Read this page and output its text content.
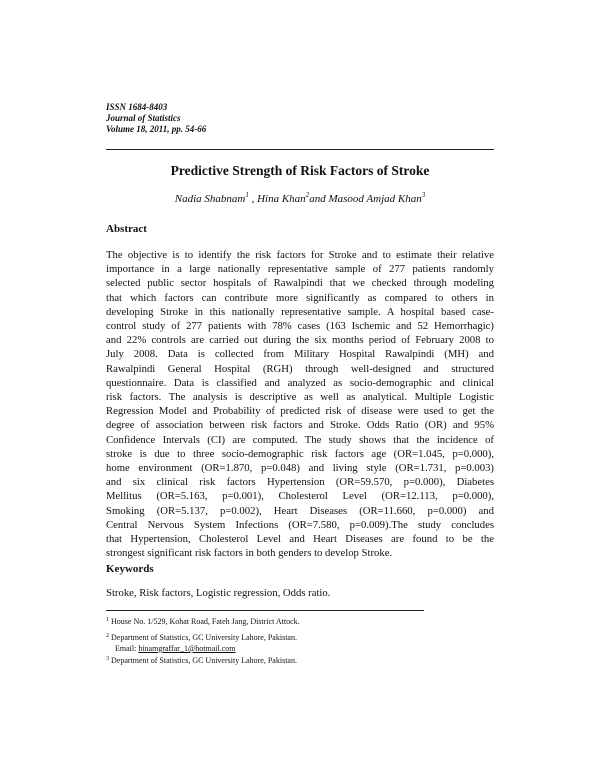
ISSN 1684-8403
Journal of Statistics
Volume 18, 2011, pp. 54-66
Predictive Strength of Risk Factors of Stroke
Nadia Shabnam$^1$ , Hina Khan$^2$and Masood Amjad Khan$^3$
Abstract
The objective is to identify the risk factors for Stroke and to estimate their relative
importance in a large nationally representative sample of 277 patients randomly
selected public sector hospitals of Rawalpindi that we checked through modeling
that which factors can contribute more significantly as compared to others in
developing Stroke in this nationally representative sample. A hospital based case-
control study of 277 patients with 78% cases (163 Ischemic and 52 Hemorrhagic)
and 22% controls are carried out during the six months period of February 2008 to
July 2008. Data is collected from Military Hospital Rawalpindi (MH) and
Rawalpindi General Hospital (RGH) through well-designed and structured
questionnaire. Data is classified and analyzed as socio-demographic and clinical
risk factors. The analysis is descriptive as well as analytical. Multiple Logistic
Regression Model and Probability of predicted risk of disease were used to get the
degree of association between risk factors and Stroke. Odds Ratio (OR) and 95%
Confidence Intervals (CI) are computed. The study shows that the incidence of
stroke is due to three socio-demographic risk factors age (OR=1.045, p=0.000),
home environment (OR=1.870, p=0.048) and living style (OR=1.731, p=0.003)
and six clinical risk factors Hypertension (OR=59.570, p=0.000), Diabetes
Mellitus (OR=5.163, p=0.001), Cholesterol Level (OR=12.113, p=0.000),
Smoking (OR=5.137, p=0.002), Heart Diseases (OR=11.660, p=0.000) and
Central Nervous System Infections (OR=7.580, p=0.009).The study concludes
that Hypertension, Cholesterol Level and Heart Diseases are found to be the
strongest significant risk factors in both genders to develop Stroke.
Keywords
Stroke, Risk factors, Logistic regression, Odds ratio.
$^1$ House No. 1/529, Kohat Road, Fateh Jang, District Attock.
$^2$ Department of Statistics, GC University Lahore, Pakistan.
Email: hinamgraffar_1@hotmail.com
$^3$ Department of Statistics, GC University Lahore, Pakistan.
